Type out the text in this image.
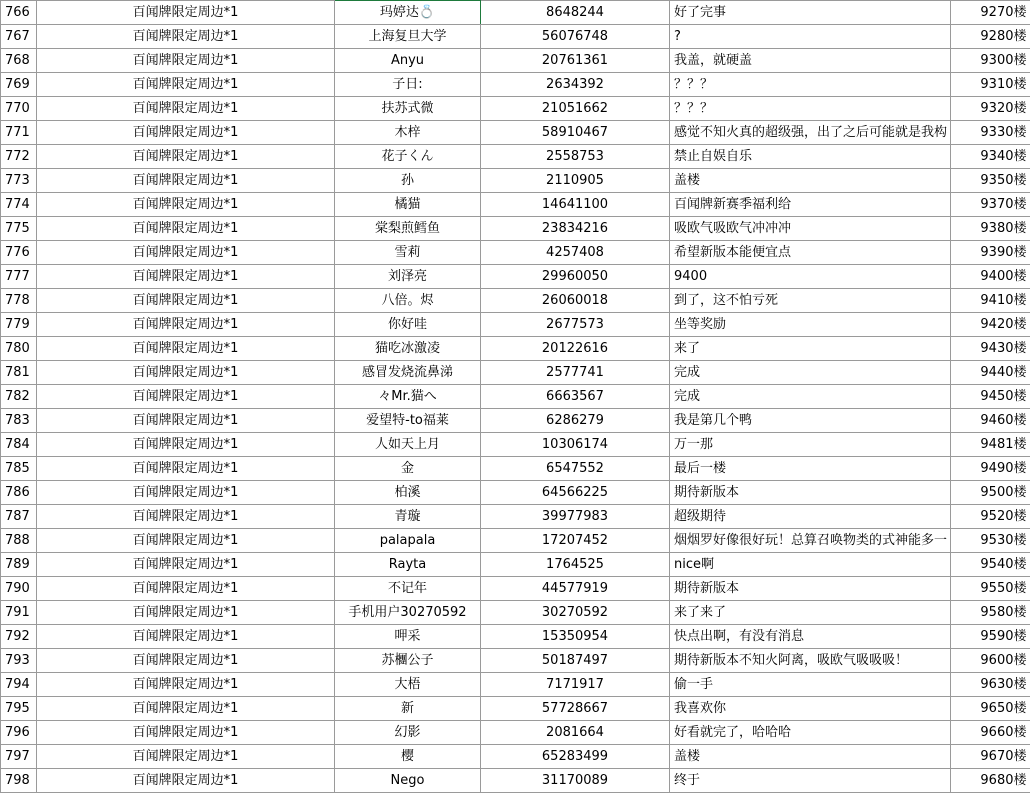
766	百闻牌限定周边*1	玛婷达💍	8648244	好了完事	9270楼
767	百闻牌限定周边*1	上海复旦大学	56076748	?	9280楼
768	百闻牌限定周边*1	Anyu	20761361	我盖，就硬盖	9300楼
769	百闻牌限定周边*1	子日:	2634392	？？？	9310楼
770	百闻牌限定周边*1	扶苏式微	21051662	？？？	9320楼
771	百闻牌限定周边*1	木梓	58910467	感觉不知火真的超级强，出了之后可能就是我构	9330楼
772	百闻牌限定周边*1	花子くん	2558753	禁止自娱自乐	9340楼
773	百闻牌限定周边*1	孙	2110905	盖楼	9350楼
774	百闻牌限定周边*1	橘猫	14641100	百闻牌新赛季福利给	9370楼
775	百闻牌限定周边*1	棠梨煎鳕鱼	23834216	吸欧气吸欧气冲冲冲	9380楼
776	百闻牌限定周边*1	雪莉	4257408	希望新版本能便宜点	9390楼
777	百闻牌限定周边*1	刘泽亮	29960050	9400	9400楼
778	百闻牌限定周边*1	八倍。烬	26060018	到了，这不怕亏死	9410楼
779	百闻牌限定周边*1	你好哇	2677573	坐等奖励	9420楼
780	百闻牌限定周边*1	猫吃冰激凌	20122616	来了	9430楼
781	百闻牌限定周边*1	感冒发烧流鼻涕	2577741	完成	9440楼
782	百闻牌限定周边*1	々Mr.猫へ	6663567	完成	9450楼
783	百闻牌限定周边*1	爱望特-to福莱	6286279	我是第几个鸭	9460楼
784	百闻牌限定周边*1	人如天上月	10306174	万一那	9481楼
785	百闻牌限定周边*1	金	6547552	最后一楼	9490楼
786	百闻牌限定周边*1	柏溪	64566225	期待新版本	9500楼
787	百闻牌限定周边*1	青璇	39977983	超级期待	9520楼
788	百闻牌限定周边*1	palapala	17207452	烟烟罗好像很好玩！总算召唤物类的式神能多一	9530楼
789	百闻牌限定周边*1	Rayta	1764525	nice啊	9540楼
790	百闻牌限定周边*1	不记年	44577919	期待新版本	9550楼
791	百闻牌限定周边*1	手机用户30270592	30270592	来了来了	9580楼
792	百闻牌限定周边*1	呷采	15350954	快点出啊，有没有消息	9590楼
793	百闻牌限定周边*1	苏檲公子	50187497	期待新版本不知火阿离，吸欧气吸吸吸！	9600楼
794	百闻牌限定周边*1	大梧	7171917	偷一手	9630楼
795	百闻牌限定周边*1	新	57728667	我喜欢你	9650楼
796	百闻牌限定周边*1	幻影	2081664	好看就完了，哈哈哈	9660楼
797	百闻牌限定周边*1	樱	65283499	盖楼	9670楼
798	百闻牌限定周边*1	Nego	31170089	终于	9680楼
